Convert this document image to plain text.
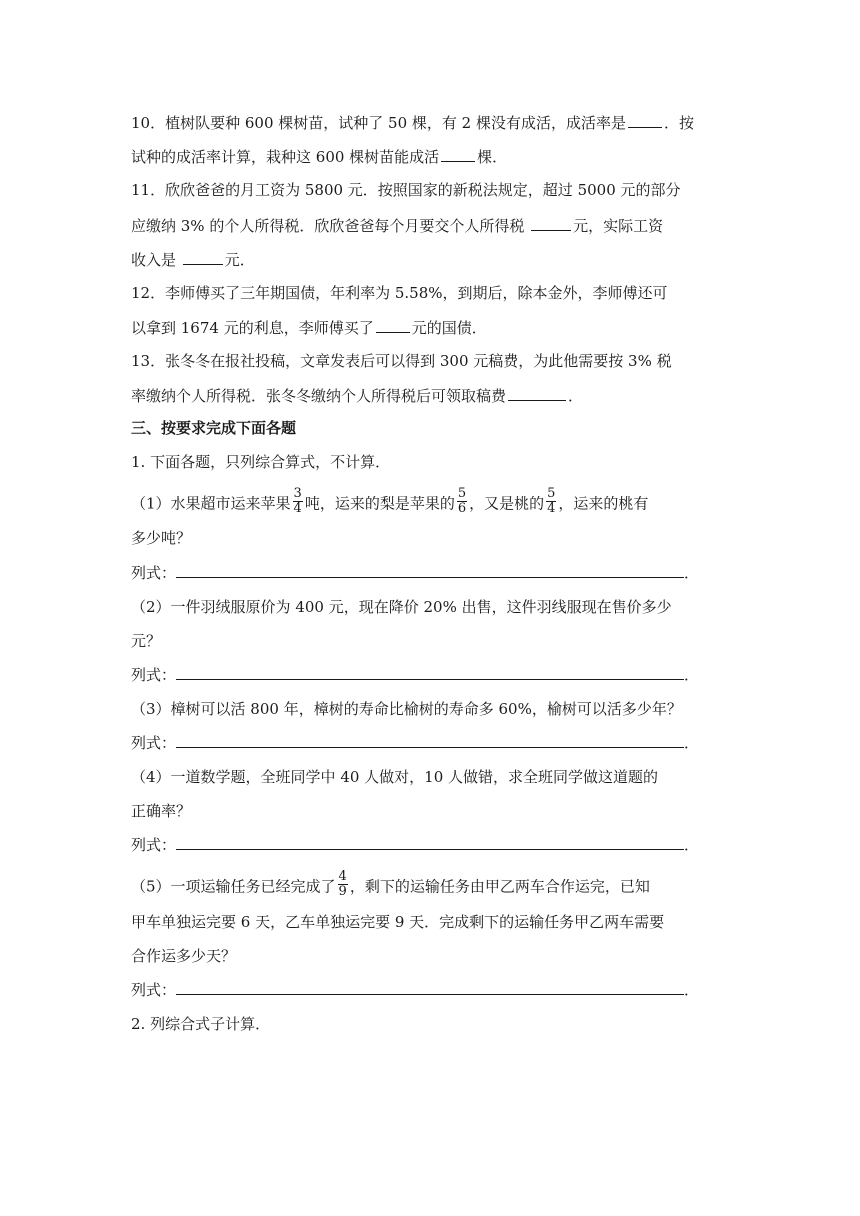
10．植树队要种 600 棵树苗，试种了 50 棵，有 2 棵没有成活，成活率是	．按
试种的成活率计算，栽种这 600 棵树苗能成活	棵．
11．欣欣爸爸的月工资为 5800 元．按照国家的新税法规定，超过 5000 元的部分
应缴纳 3% 的个人所得税．欣欣爸爸每个月要交个人所得税	元，实际工资
收入是	元．
12．李师傅买了三年期国债，年利率为 5.58%，到期后，除本金外，李师傅还可
以拿到 1674 元的利息，李师傅买了	元的国债．
13．张冬冬在报社投稿，文章发表后可以得到 300 元稿费，为此他需要按 3% 税
率缴纳个人所得税．张冬冬缴纳个人所得税后可领取稿费	．
三、按要求完成下面各题
1. 下面各题，只列综合算式，不计算．
（1）水果超市运来苹果 $\frac{3}{4}$ 吨，运来的梨是苹果的 $\frac{5}{6}$ ，又是桃的 $\frac{5}{4}$ ，运来的桃有
多少吨？
列式：	．
（2）一件羽绒服原价为 400 元，现在降价 20% 出售，这件羽线服现在售价多少
元？
列式：	．
（3）樟树可以活 800 年，樟树的寿命比榆树的寿命多 60%，榆树可以活多少年？
列式：	．
（4）一道数学题，全班同学中 40 人做对，10 人做错，求全班同学做这道题的
正确率？
列式：	．
（5）一项运输任务已经完成了 $\frac{4}{9}$ ，剩下的运输任务由甲乙两车合作运完，已知
甲车单独运完要 6 天，乙车单独运完要 9 天．完成剩下的运输任务甲乙两车需要
合作运多少天？
列式：	．
2. 列综合式子计算．
